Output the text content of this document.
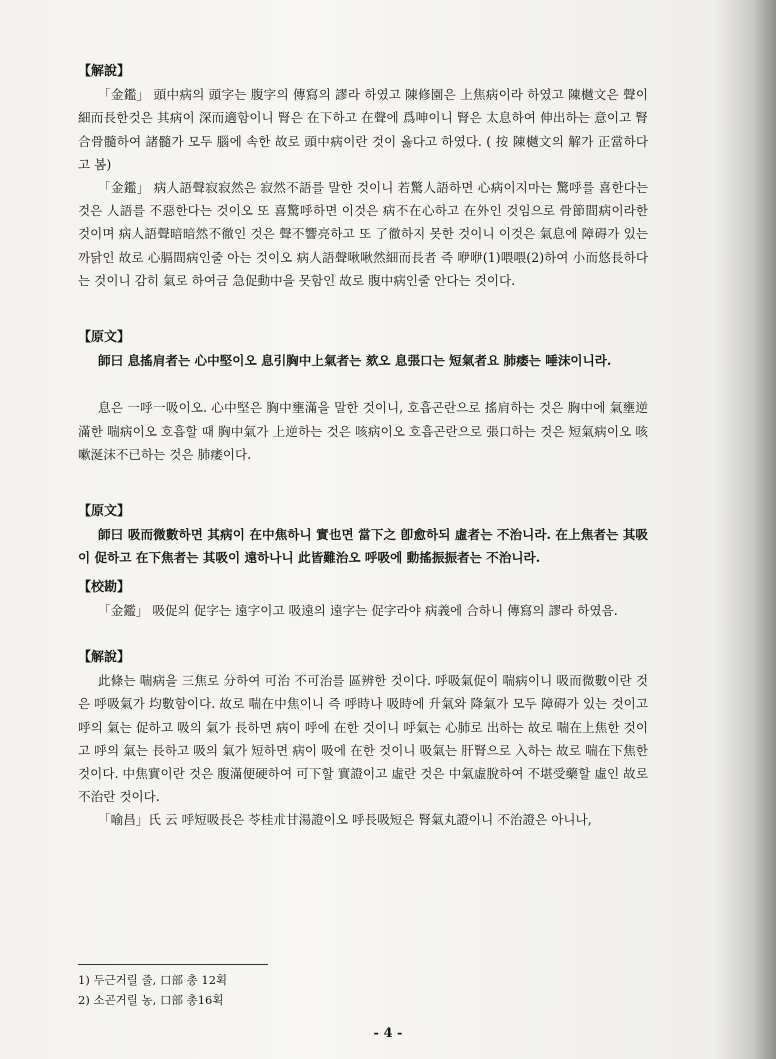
【解說】

「金鑑」 頭中病의 頭字는 腹字의 傳寫의 謬라 하였고 陳修園은 上焦病이라 하였고 陳樾文은 聲이 細而長한것은 其病이 深而適함이니 腎은 在下하고 在聲에 爲呻이니 腎은 太息하여 伸出하는 意이고 腎合骨髓하여 諸髓가 모두 腦에 속한 故로 頭中病이란 것이 옳다고 하였다. ( 按 陳樾文의 解가 正當하다고 봄)

「金鑑」 病人語聲寂寂然은 寂然不語를 말한 것이니 若驚人語하면 心病이지마는 驚呼를 喜한다는 것은 人語를 不惡한다는 것이오 또 喜驚呼하면 이것은 病不在心하고 在外인 것임으로 骨節間病이라한 것이며 病人語聲暗暗然不徹인 것은 聲不響亮하고 또 了徹하지 못한 것이니 이것은 氣息에 障碍가 있는 까닭인 故로 心膈間病인줄 아는 것이오 病人語聲啾啾然細而長者 즉 咿咿(1)喂喂(2)하여 小而悠長하다는 것이니 감히 氣로 하여금 急促動中을 못함인 故로 腹中病인줄 안다는 것이다.

【原文】

師曰 息搖肩者는 心中堅이오 息引胸中上氣者는 欬오 息張口는 短氣者요 肺痿는 唾沫이니라.

息은 一呼一吸이오. 心中堅은 胸中壅滿을 말한 것이니, 호흡곤란으로 搖肩하는 것은 胸中에 氣壅逆滿한 喘病이오 호흡할 때 胸中氣가 上逆하는 것은 咳病이오 호흡곤란으로 張口하는 것은 短氣病이오 咳嗽涎沫不已하는 것은 肺痿이다.

【原文】

師曰 吸而微數하면 其病이 在中焦하니 實也면 當下之 卽愈하되 虛者는 不治니라. 在上焦者는 其吸이 促하고 在下焦者는 其吸이 遠하나니 此皆難治오 呼吸에 動搖振振者는 不治니라.

【校勘】

「金鑑」 吸促의 促字는 遠字이고 吸遠의 遠字는 促字라야 病義에 合하니 傳寫의 謬라 하였음.

【解說】

此條는 喘病을 三焦로 分하여 可治 不可治를 區辨한 것이다. 呼吸氣促이 喘病이니 吸而微數이란 것은 呼吸氣가 均數함이다. 故로 喘在中焦이니 즉 呼時나 吸時에 升氣와 降氣가 모두 障碍가 있는 것이고 呼의 氣는 促하고 吸의 氣가 長하면 病이 呼에 在한 것이니 呼氣는 心肺로 出하는 故로 喘在上焦한 것이고 呼의 氣는 長하고 吸의 氣가 短하면 病이 吸에 在한 것이니 吸氣는 肝腎으로 入하는 故로 喘在下焦한 것이다. 中焦實이란 것은 腹滿便硬하여 可下할 實證이고 虛란 것은 中氣虛脫하여 不堪受藥할 虛인 故로 不治란 것이다.

「喻昌」氏 云 呼短吸長은 苓桂朮甘湯證이오 呼長吸短은 腎氣丸證이니 不治證은 아니나,

1) 두근거릴 줄, 口部 총 12획
2) 소곤거릴 농, 口部 총16획
- 4 -
